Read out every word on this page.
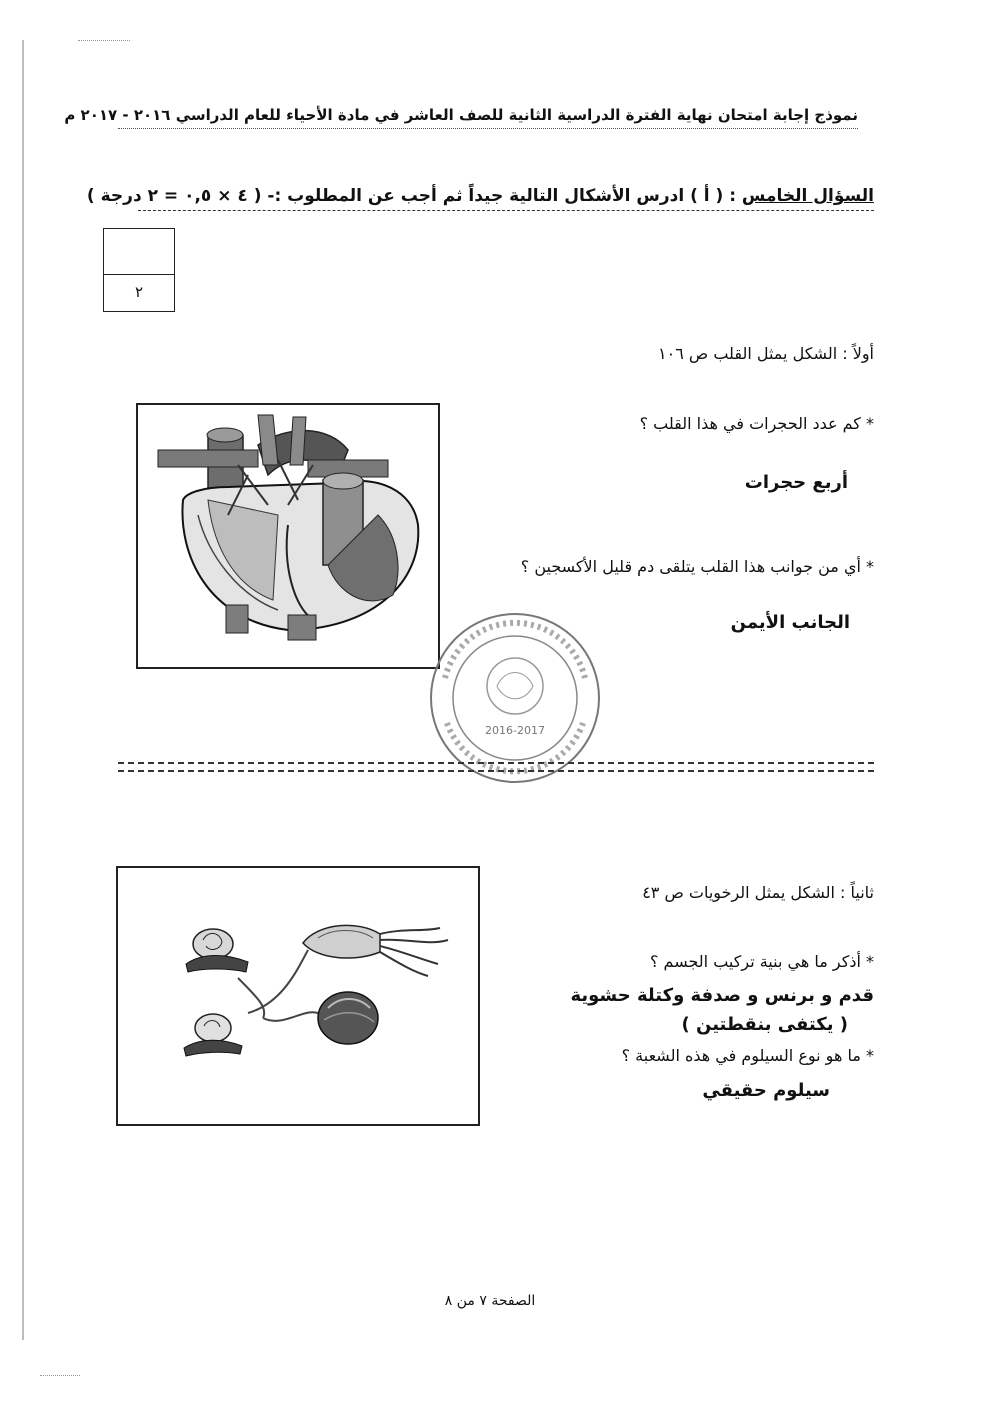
نموذج إجابة امتحان نهاية الفترة الدراسية الثانية للصف العاشر في مادة الأحياء للعام الدراسي ٢٠١٦ - ٢٠١٧ م
السؤال الخامس : ( أ ) ادرس الأشكال التالية جيداً ثم أجب عن المطلوب :- ( ٤ × ٠,٥ = ٢ درجة )
٢
أولاً : الشكل يمثل القلب ص ١٠٦
* كم عدد الحجرات في هذا القلب ؟
أربع حجرات
* أي من جوانب هذا القلب يتلقى دم قليل الأكسجين ؟
الجانب الأيمن
2016-2017
ثانياً : الشكل يمثل الرخويات ص ٤٣
* أذكر ما هي بنية تركيب الجسم ؟
قدم و برنس و صدفة وكتلة حشوية
( يكتفى بنقطتين )
* ما هو نوع السيلوم في هذه الشعبة ؟
سيلوم حقيقي
الصفحة ٧ من ٨
